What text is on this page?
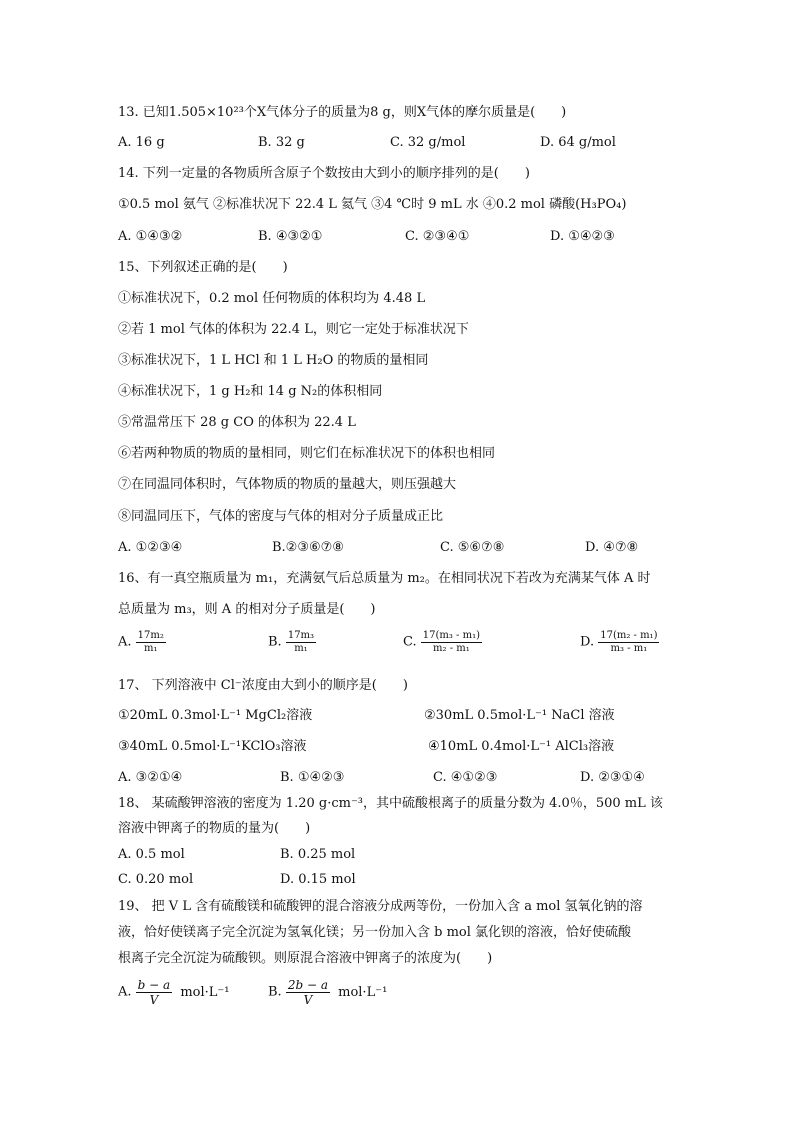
13. 已知1.505×10²³个X气体分子的质量为8 g，则X气体的摩尔质量是(　　)
A. 16 g	B. 32 g	C. 32 g/mol	D. 64 g/mol
14. 下列一定量的各物质所含原子个数按由大到小的顺序排列的是(　　)
①0.5 mol 氨气 ②标准状况下 22.4 L 氦气 ③4 ℃时 9 mL 水 ④0.2 mol 磷酸(H₃PO₄)
A. ①④③②	B. ④③②①	C. ②③④①	D. ①④②③
15、下列叙述正确的是(　　)
①标准状况下，0.2 mol 任何物质的体积均为 4.48 L
②若 1 mol 气体的体积为 22.4 L，则它一定处于标准状况下
③标准状况下，1 L HCl 和 1 L H₂O 的物质的量相同
④标准状况下，1 g H₂和 14 g N₂的体积相同
⑤常温常压下 28 g CO 的体积为 22.4 L
⑥若两种物质的物质的量相同，则它们在标准状况下的体积也相同
⑦在同温同体积时，气体物质的物质的量越大，则压强越大
⑧同温同压下，气体的密度与气体的相对分子质量成正比
A. ①②③④	B.②③⑥⑦⑧	C. ⑤⑥⑦⑧	D. ④⑦⑧
16、有一真空瓶质量为 m₁，充满氨气后总质量为 m₂。在相同状况下若改为充满某气体 A 时
总质量为 m₃，则 A 的相对分子质量是(　　)
A. $\frac{\text{17m₂}}{\text{m₁}}$	B. $\frac{\text{17m₃}}{\text{m₁}}$	C. $\frac{\text{17(m₃ - m₁)}}{\text{m₂ - m₁}}$	D. $\frac{\text{17(m₂ - m₁)}}{\text{m₃ - m₁}}$
17、 下列溶液中 Cl⁻浓度由大到小的顺序是(　　)
①20mL 0.3mol·L⁻¹ MgCl₂溶液	②30mL 0.5mol·L⁻¹ NaCl 溶液
③40mL 0.5mol·L⁻¹KClO₃溶液	④10mL 0.4mol·L⁻¹ AlCl₃溶液
A. ③②①④	B. ①④②③	C. ④①②③	D. ②③①④
18、 某硫酸钾溶液的密度为 1.20 g·cm⁻³，其中硫酸根离子的质量分数为 4.0％，500 mL 该
溶液中钾离子的物质的量为(　　)
A. 0.5 mol	B. 0.25 mol
C. 0.20 mol	D. 0.15 mol
19、 把 V L 含有硫酸镁和硫酸钾的混合溶液分成两等份，一份加入含 a mol 氢氧化钠的溶
液，恰好使镁离子完全沉淀为氢氧化镁；另一份加入含 b mol 氯化钡的溶液，恰好使硫酸
根离子完全沉淀为硫酸钡。则原混合溶液中钾离子的浓度为(　　)
A. $\frac{b - a}{V} mol\cdot L^{-1}$	B. $\frac{2b - a}{V} mol\cdot L^{-1}$
